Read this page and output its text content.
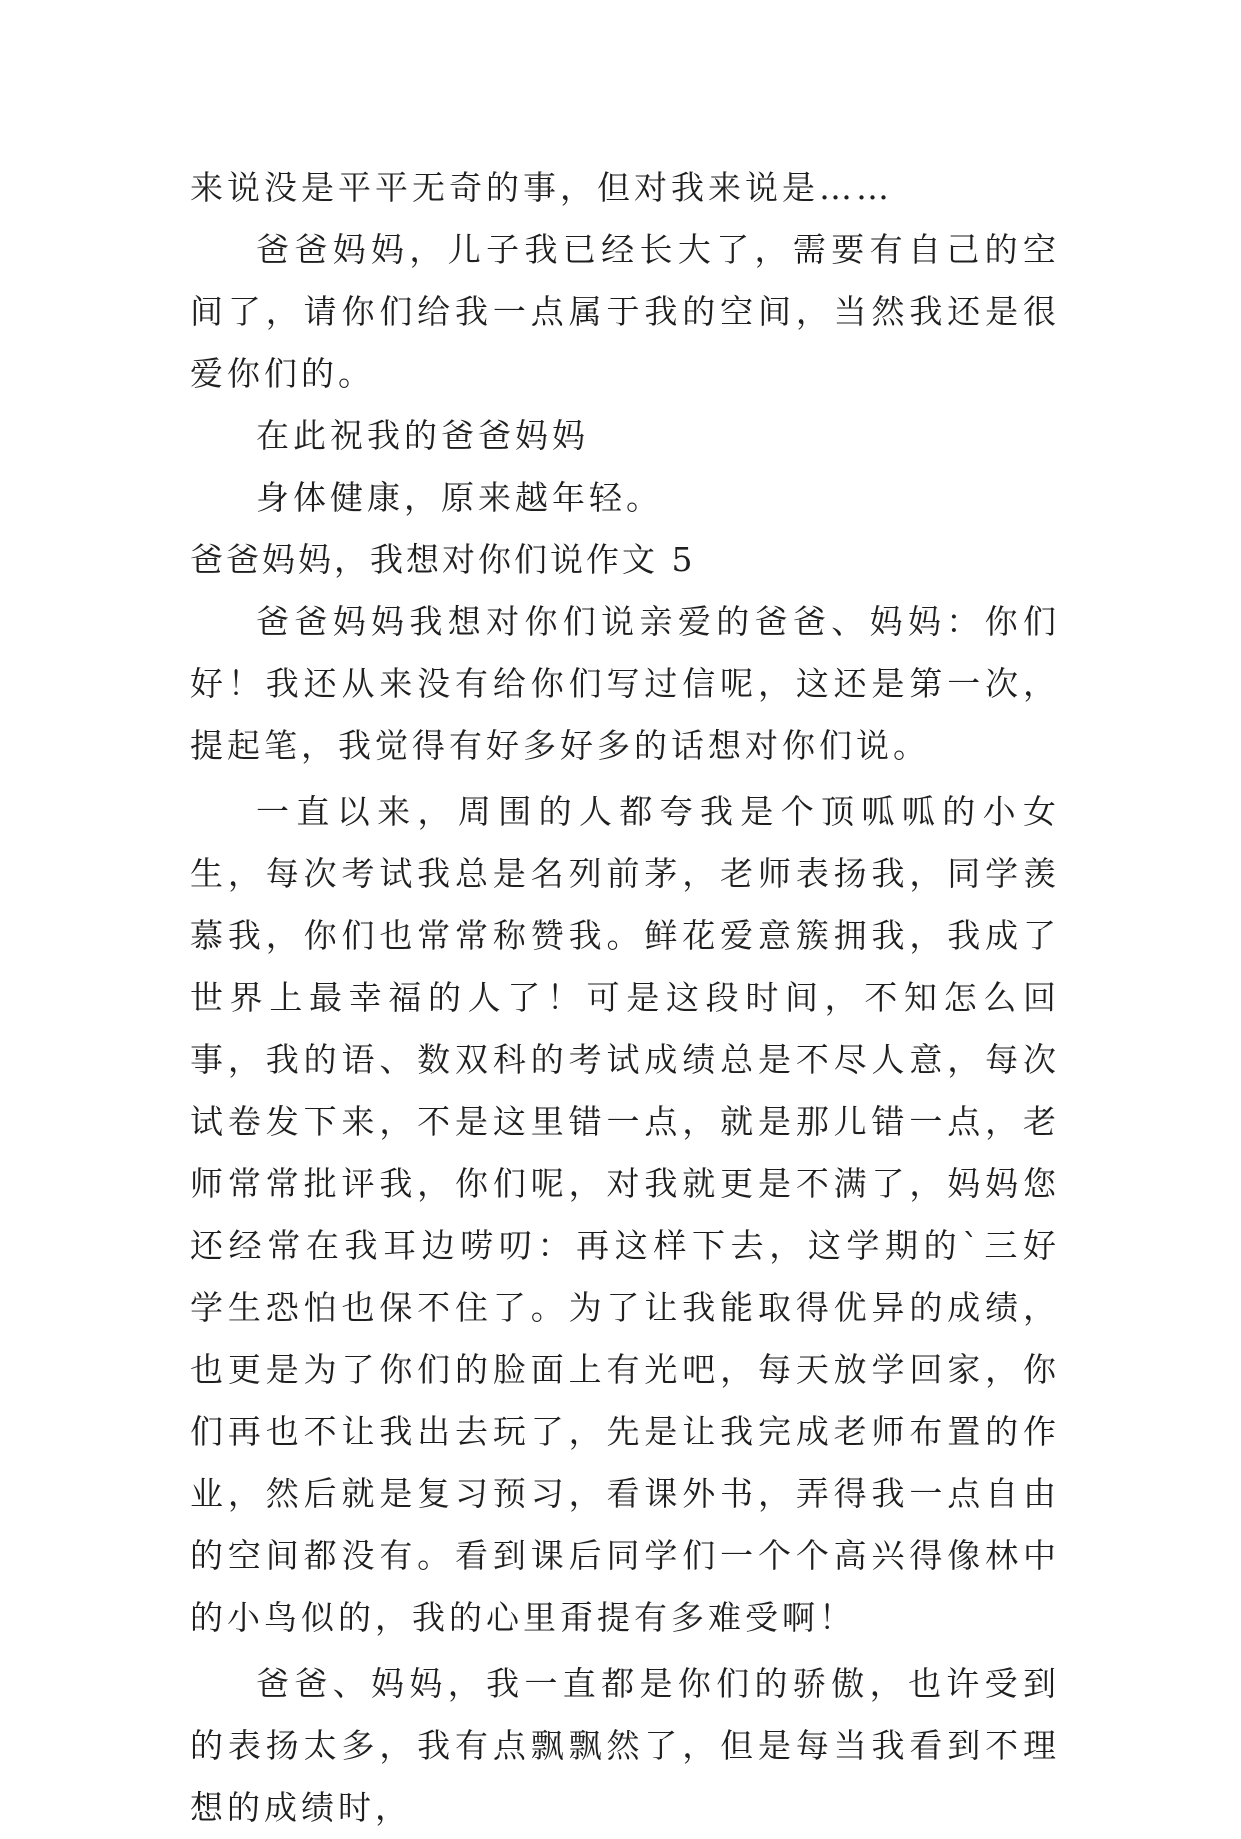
来说没是平平无奇的事，但对我来说是……

爸爸妈妈，儿子我已经长大了，需要有自己的空间了，请你们给我一点属于我的空间，当然我还是很爱你们的。

在此祝我的爸爸妈妈

身体健康，原来越年轻。

爸爸妈妈，我想对你们说作文 5

爸爸妈妈我想对你们说亲爱的爸爸、妈妈：你们好！我还从来没有给你们写过信呢，这还是第一次，提起笔，我觉得有好多好多的话想对你们说。

一直以来，周围的人都夸我是个顶呱呱的小女生，每次考试我总是名列前茅，老师表扬我，同学羡慕我，你们也常常称赞我。鲜花爱意簇拥我，我成了世界上最幸福的人了！可是这段时间，不知怎么回事，我的语、数双科的考试成绩总是不尽人意，每次试卷发下来，不是这里错一点，就是那儿错一点，老师常常批评我，你们呢，对我就更是不满了，妈妈您还经常在我耳边唠叨：再这样下去，这学期的`三好学生恐怕也保不住了。为了让我能取得优异的成绩，也更是为了你们的脸面上有光吧，每天放学回家，你们再也不让我出去玩了，先是让我完成老师布置的作业，然后就是复习预习，看课外书，弄得我一点自由的空间都没有。看到课后同学们一个个高兴得像林中的小鸟似的，我的心里甭提有多难受啊！

爸爸、妈妈，我一直都是你们的骄傲，也许受到的表扬太多，我有点飘飘然了，但是每当我看到不理想的成绩时，
